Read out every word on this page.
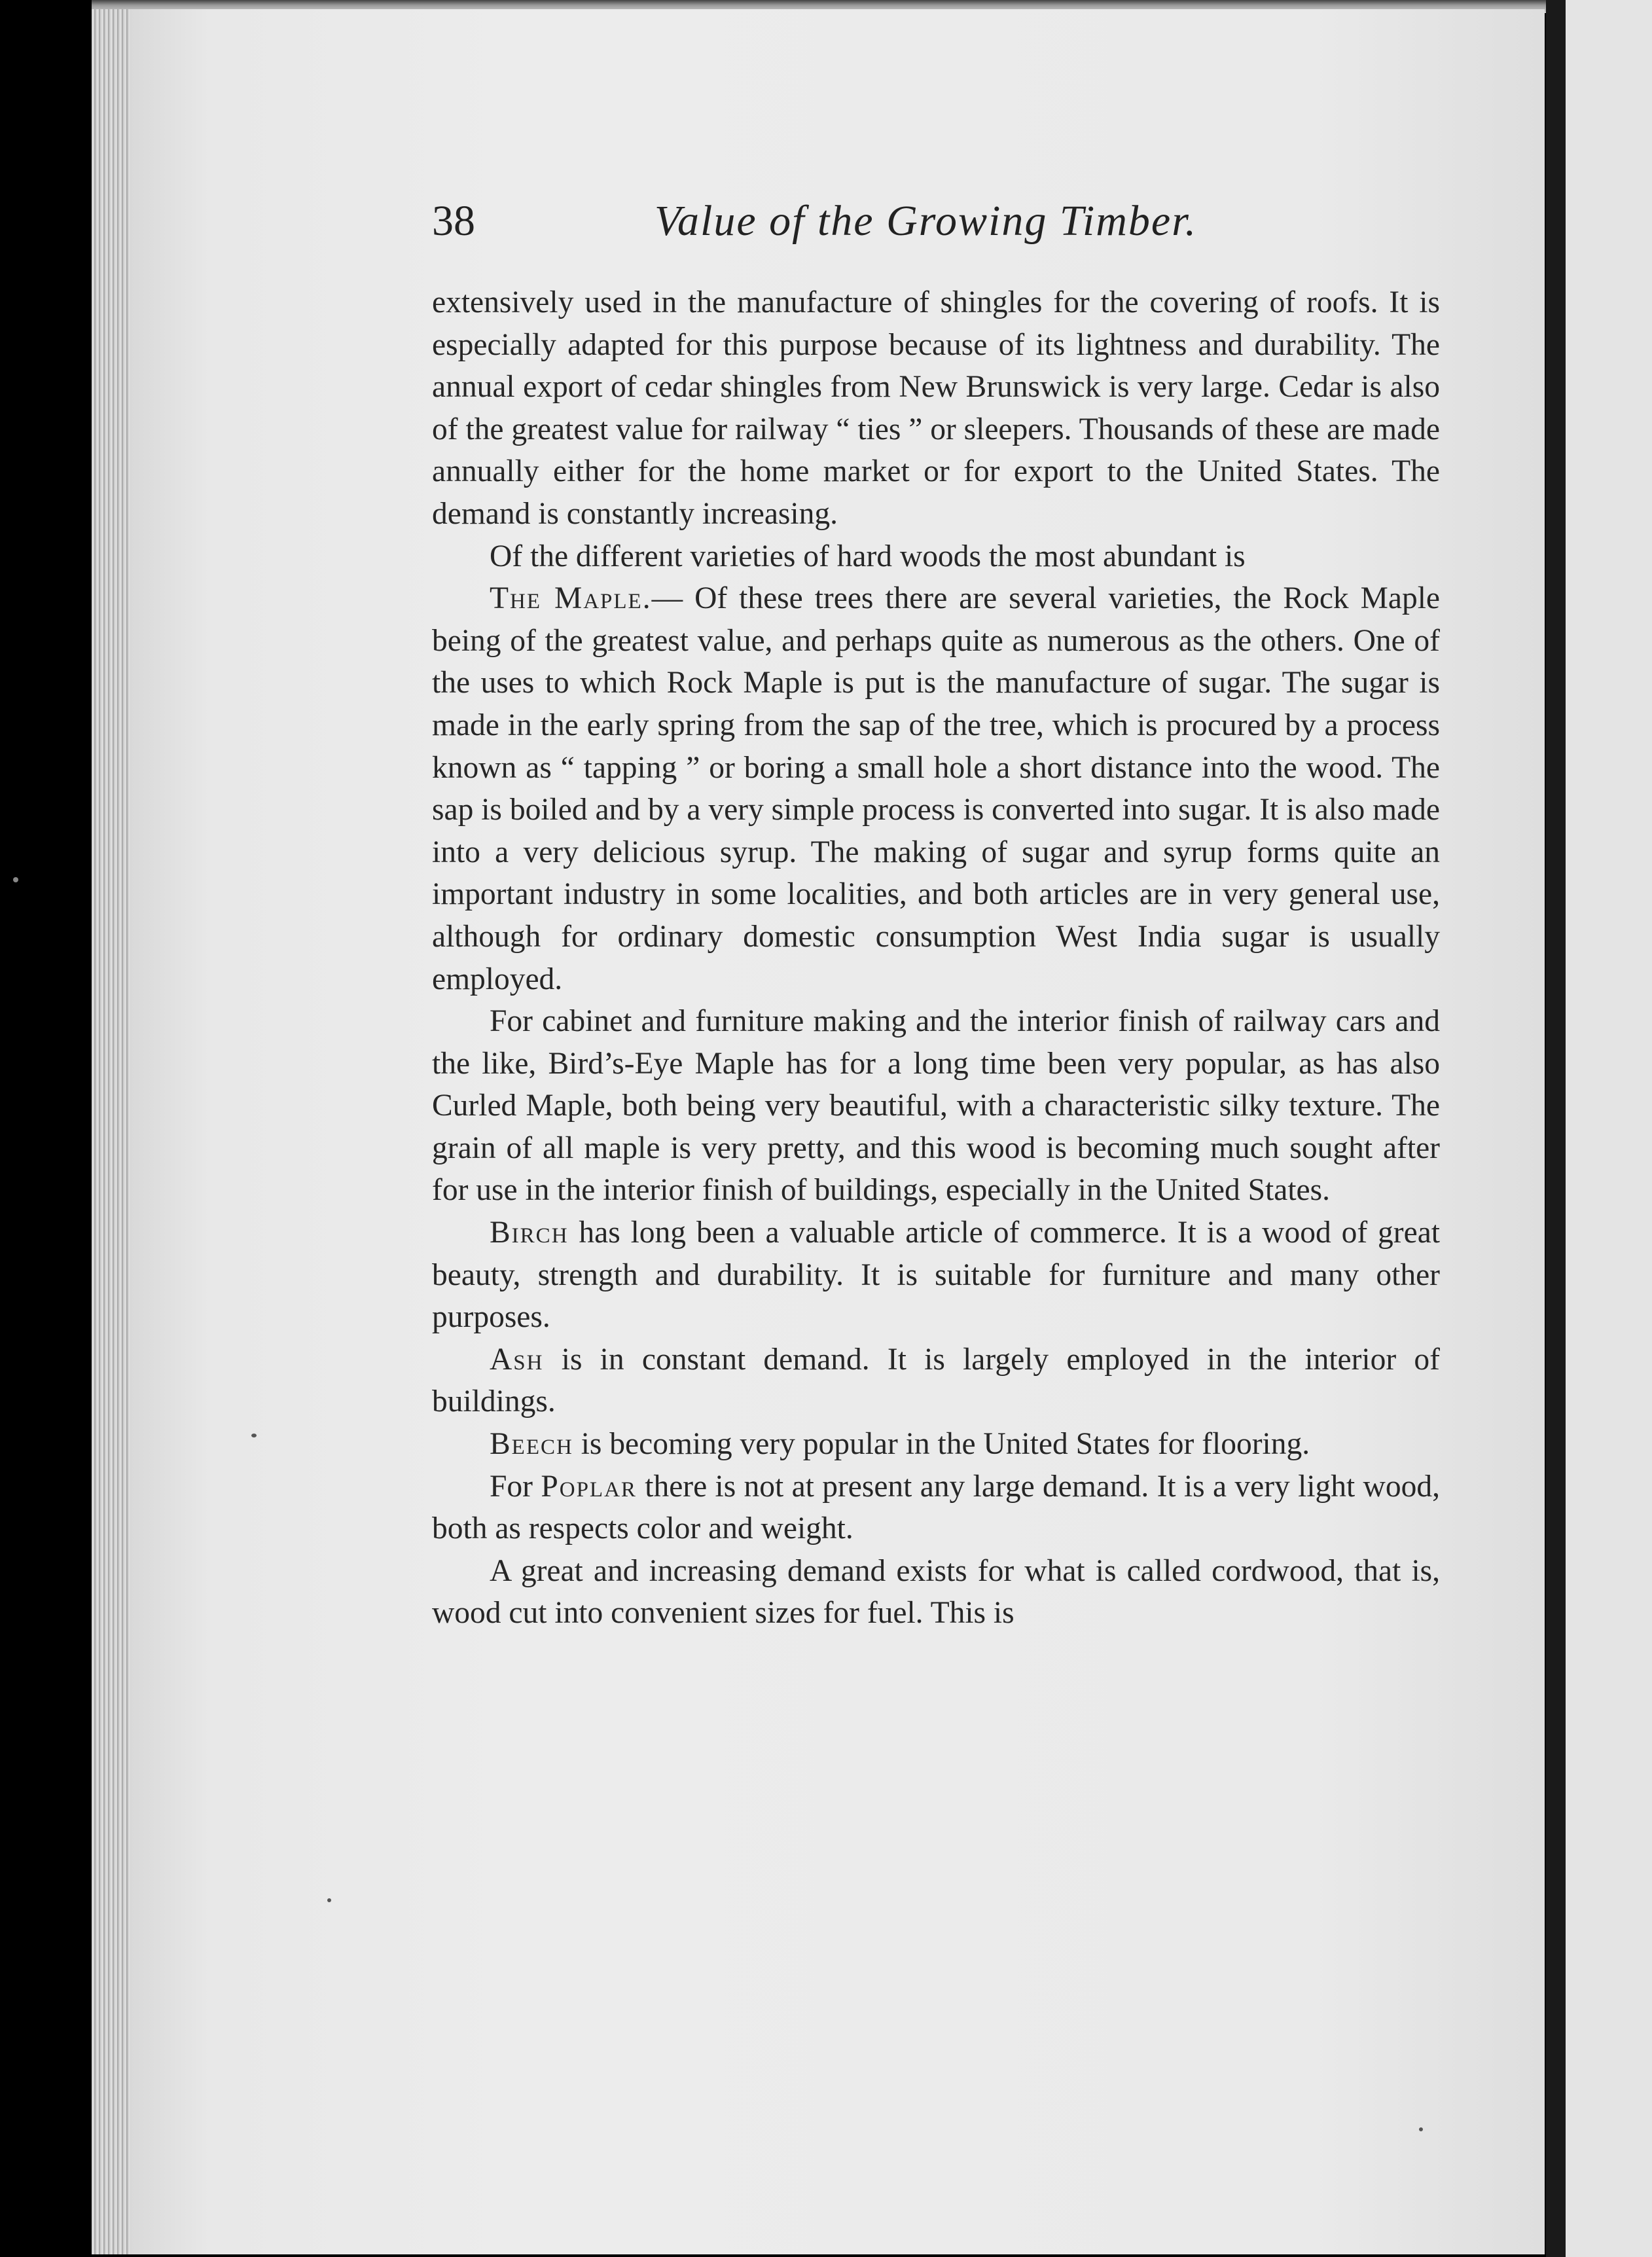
38	Value of the Growing Timber.

extensively used in the manufacture of shingles for the covering of roofs. It is especially adapted for this purpose because of its lightness and durability. The annual export of cedar shingles from New Brunswick is very large. Cedar is also of the greatest value for railway “ ties ” or sleepers. Thousands of these are made annually either for the home market or for export to the United States. The demand is constantly increasing.

Of the different varieties of hard woods the most abundant is

The Maple.— Of these trees there are several varieties, the Rock Maple being of the greatest value, and perhaps quite as numerous as the others. One of the uses to which Rock Maple is put is the manufacture of sugar. The sugar is made in the early spring from the sap of the tree, which is procured by a process known as “ tapping ” or boring a small hole a short distance into the wood. The sap is boiled and by a very simple process is converted into sugar. It is also made into a very delicious syrup. The making of sugar and syrup forms quite an important industry in some localities, and both articles are in very general use, although for ordinary domestic consumption West India sugar is usually employed.

For cabinet and furniture making and the interior finish of railway cars and the like, Bird’s-Eye Maple has for a long time been very popular, as has also Curled Maple, both being very beautiful, with a characteristic silky texture. The grain of all maple is very pretty, and this wood is becoming much sought after for use in the interior finish of buildings, especially in the United States.

Birch has long been a valuable article of commerce. It is a wood of great beauty, strength and durability. It is suitable for furniture and many other purposes.

Ash is in constant demand. It is largely employed in the interior of buildings.

Beech is becoming very popular in the United States for flooring.

For Poplar there is not at present any large demand. It is a very light wood, both as respects color and weight.

A great and increasing demand exists for what is called cordwood, that is, wood cut into convenient sizes for fuel. This is
